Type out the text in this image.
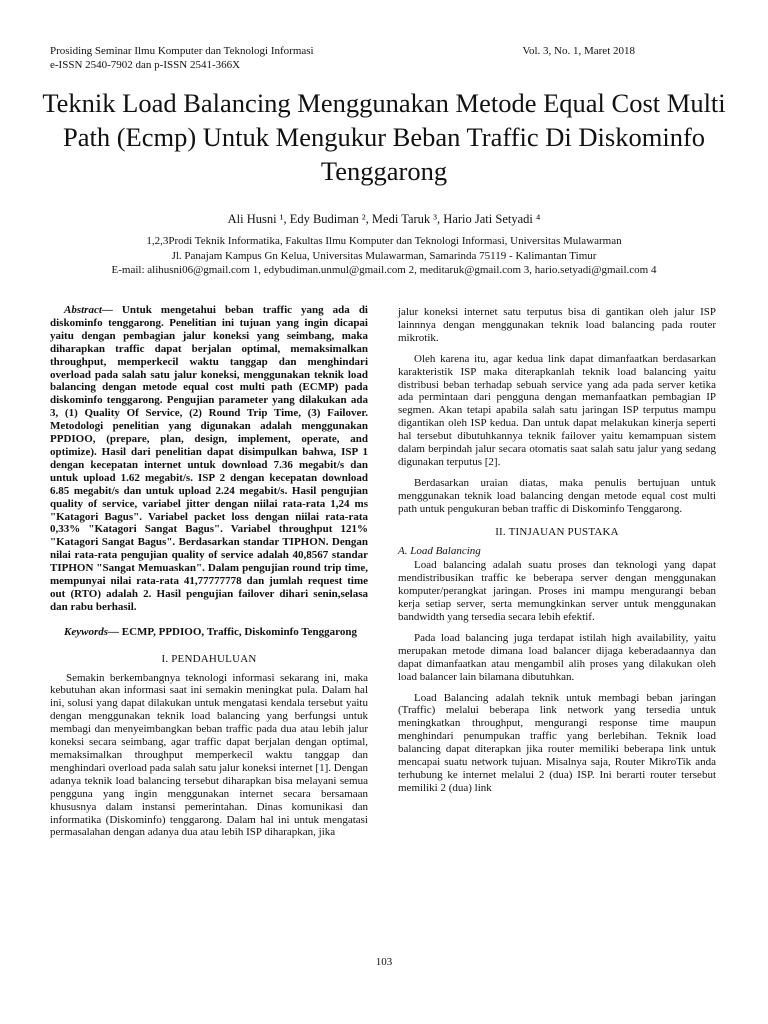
Prosiding Seminar Ilmu Komputer dan Teknologi Informasi
e-ISSN 2540-7902 dan p-ISSN 2541-366X
Vol. 3, No. 1, Maret 2018
Teknik Load Balancing Menggunakan Metode Equal Cost Multi Path (Ecmp) Untuk Mengukur Beban Traffic Di Diskominfo Tenggarong
Ali Husni ¹, Edy Budiman ², Medi Taruk ³, Hario Jati Setyadi ⁴
1,2,3Prodi Teknik Informatika, Fakultas Ilmu Komputer dan Teknologi Informasi, Universitas Mulawarman
Jl. Panajam Kampus Gn Kelua, Universitas Mulawarman, Samarinda 75119 - Kalimantan Timur
E-mail: alihusni06@gmail.com 1, edybudiman.unmul@gmail.com 2, meditaruk@gmail.com 3, hario.setyadi@gmail.com 4

Abstract— Untuk mengetahui beban traffic yang ada di diskominfo tenggarong. Penelitian ini tujuan yang ingin dicapai yaitu dengan pembagian jalur koneksi yang seimbang, maka diharapkan traffic dapat berjalan optimal, memaksimalkan throughput, memperkecil waktu tanggap dan menghindari overload pada salah satu jalur koneksi, menggunakan teknik load balancing dengan metode equal cost multi path (ECMP) pada diskominfo tenggarong. Pengujian parameter yang dilakukan ada 3, (1) Quality Of Service, (2) Round Trip Time, (3) Failover. Metodologi penelitian yang digunakan adalah menggunakan PPDIOO, (prepare, plan, design, implement, operate, and optimize). Hasil dari penelitian dapat disimpulkan bahwa, ISP 1 dengan kecepatan internet untuk download 7.36 megabit/s dan untuk upload 1.62 megabit/s. ISP 2 dengan kecepatan download 6.85 megabit/s dan untuk upload 2.24 megabit/s. Hasil pengujian quality of service, variabel jitter dengan niilai rata-rata 1,24 ms "Katagori Bagus". Variabel packet loss dengan niilai rata-rata 0,33% "Katagori Sangat Bagus". Variabel throughput 121% "Katagori Sangat Bagus". Berdasarkan standar TIPHON. Dengan nilai rata-rata pengujian quality of service adalah 40,8567 standar TIPHON "Sangat Memuaskan". Dalam pengujian round trip time, mempunyai nilai rata-rata 41,77777778 dan jumlah request time out (RTO) adalah 2. Hasil pengujian failover dihari senin,selasa dan rabu berhasil.

Keywords— ECMP, PPDIOO, Traffic, Diskominfo Tenggarong

I. PENDAHULUAN

Semakin berkembangnya teknologi informasi sekarang ini, maka kebutuhan akan informasi saat ini semakin meningkat pula. Dalam hal ini, solusi yang dapat dilakukan untuk mengatasi kendala tersebut yaitu dengan menggunakan teknik load balancing yang berfungsi untuk membagi dan menyeimbangkan beban traffic pada dua atau lebih jalur koneksi secara seimbang, agar traffic dapat berjalan dengan optimal, memaksimalkan throughput memperkecil waktu tanggap dan menghindari overload pada salah satu jalur koneksi internet [1]. Dengan adanya teknik load balancing tersebut diharapkan bisa melayani semua pengguna yang ingin menggunakan internet secara bersamaan khususnya dalam instansi pemerintahan. Dinas komunikasi dan informatika (Diskominfo) tenggarong. Dalam hal ini untuk mengatasi permasalahan dengan adanya dua atau lebih ISP diharapkan, jika

jalur koneksi internet satu terputus bisa di gantikan oleh jalur ISP lainnnya dengan menggunakan teknik load balancing pada router mikrotik.

Oleh karena itu, agar kedua link dapat dimanfaatkan berdasarkan karakteristik ISP maka diterapkanlah teknik load balancing yaitu distribusi beban terhadap sebuah service yang ada pada server ketika ada permintaan dari pengguna dengan memanfaatkan pembagian IP segmen. Akan tetapi apabila salah satu jaringan ISP terputus mampu digantikan oleh ISP kedua. Dan untuk dapat melakukan kinerja seperti hal tersebut dibutuhkannya teknik failover yaitu kemampuan sistem dalam berpindah jalur secara otomatis saat salah satu jalur yang sedang digunakan terputus [2].

Berdasarkan uraian diatas, maka penulis bertujuan untuk menggunakan teknik load balancing dengan metode equal cost multi path untuk pengukuran beban traffic di Diskominfo Tenggarong.

II. TINJAUAN PUSTAKA

A. Load Balancing

Load balancing adalah suatu proses dan teknologi yang dapat mendistribusikan traffic ke beberapa server dengan menggunakan komputer/perangkat jaringan. Proses ini mampu mengurangi beban kerja setiap server, serta memungkinkan server untuk menggunakan bandwidth yang tersedia secara lebih efektif.

Pada load balancing juga terdapat istilah high availability, yaitu merupakan metode dimana load balancer dijaga keberadaannya dan dapat dimanfaatkan atau mengambil alih proses yang dilakukan oleh load balancer lain bilamana dibutuhkan.

Load Balancing adalah teknik untuk membagi beban jaringan (Traffic) melalui beberapa link network yang tersedia untuk meningkatkan throughput, mengurangi response time maupun menghindari penumpukan traffic yang berlebihan. Teknik load balancing dapat diterapkan jika router memiliki beberapa link untuk mencapai suatu network tujuan. Misalnya saja, Router MikroTik anda terhubung ke internet melalui 2 (dua) ISP. Ini berarti router tersebut memiliki 2 (dua) link

103
